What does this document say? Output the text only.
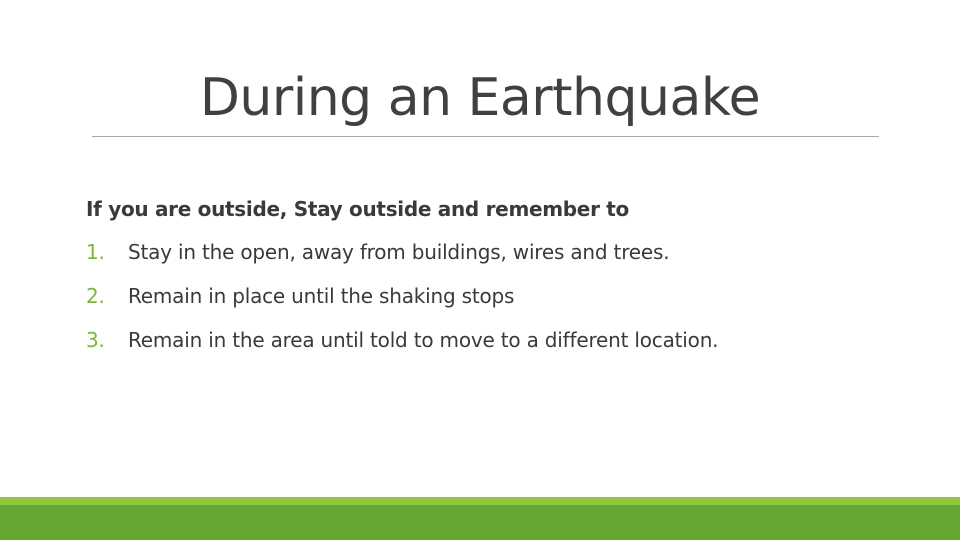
During an Earthquake
If you are outside, Stay outside and remember to
1.	Stay in the open, away from buildings, wires and trees.
2.	Remain in place until the shaking stops
3.	Remain in the area until told to move to a different location.
